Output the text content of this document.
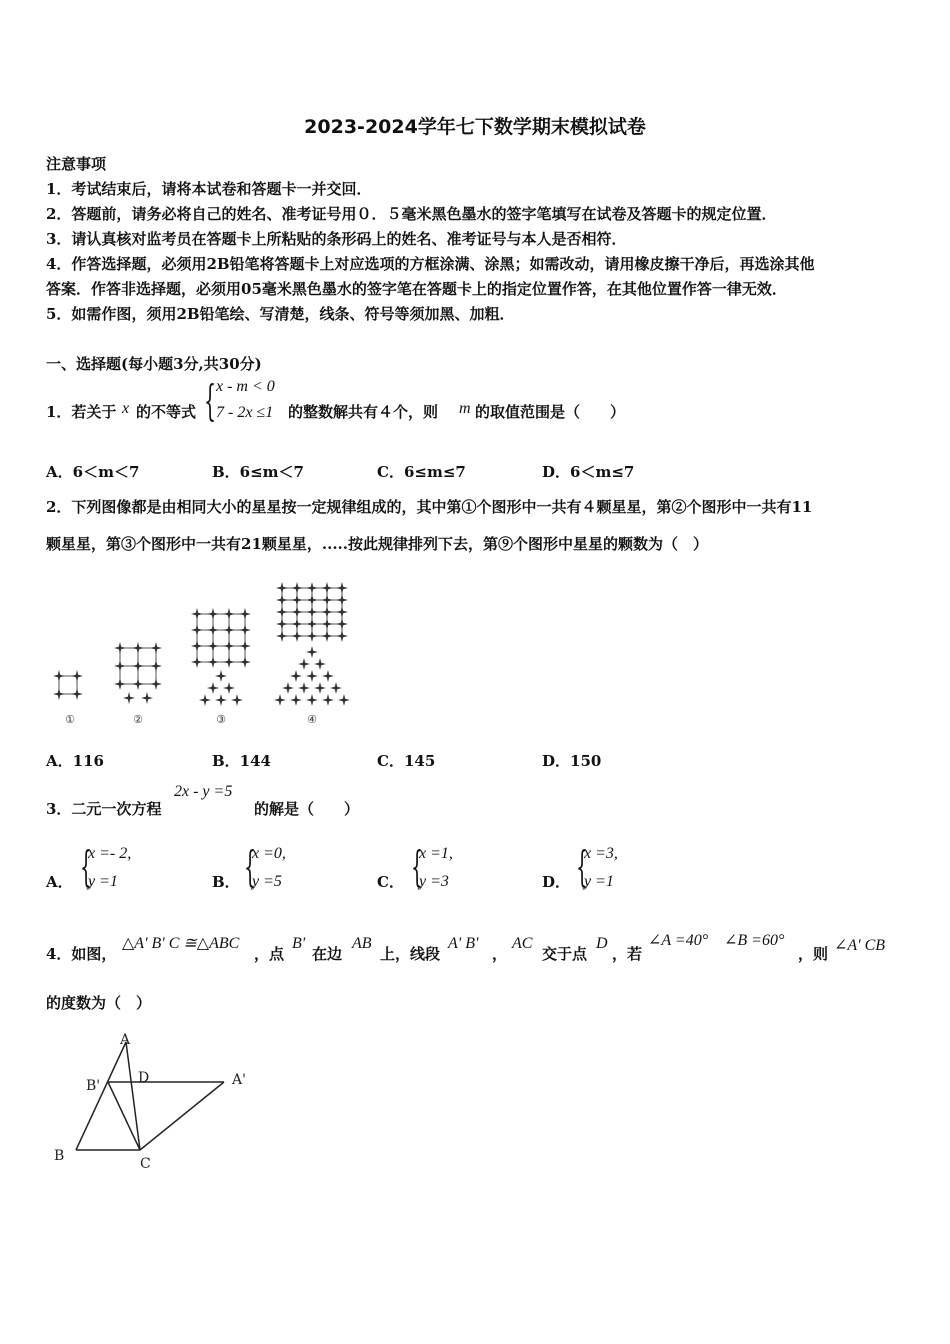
2023-2024学年七下数学期末模拟试卷
注意事项
1．考试结束后，请将本试卷和答题卡一并交回．
2．答题前，请务必将自己的姓名、准考证号用０．５毫米黑色墨水的签字笔填写在试卷及答题卡的规定位置．
3．请认真核对监考员在答题卡上所粘贴的条形码上的姓名、准考证号与本人是否相符．
4．作答选择题，必须用2B铅笔将答题卡上对应选项的方框涂满、涂黑；如需改动，请用橡皮擦干净后，再选涂其他
答案．作答非选择题，必须用05毫米黑色墨水的签字笔在答题卡上的指定位置作答，在其他位置作答一律无效．
5．如需作图，须用2B铅笔绘、写清楚，线条、符号等须加黑、加粗．
一、选择题(每小题3分,共30分)
1．若关于 x 的不等式 { x - m < 0
7 - 2x ≤1 的整数解共有４个，则 m 的取值范围是（　　）
A．6＜m＜7	B．6≤m＜7	C．6≤m≤7	D．6＜m≤7
2．下列图像都是由相同大小的星星按一定规律组成的，其中第①个图形中一共有４颗星星，第②个图形中一共有11
颗星星，第③个图形中一共有21颗星星，.....按此规律排列下去，第⑨个图形中星星的颗数为（　）
①	②	③	④
A．116	B．144	C．145	D．150
3．二元一次方程
2x - y =5
的解是（　　）
A． {
x =- 2,
y =1	B． {
x =0,
y =5	C． {
x =1,
y =3	D． {
x =3,
y =1
4．如图，
△A' B' C ≅△ABC
，点
B'
在边
AB
上，线段
A' B'
，
AC
交于点
D
，若
∠A =40° ∠B =60°
，则 ∠A' CB
的度数为（　）
A
B'	D	A'
B	C
